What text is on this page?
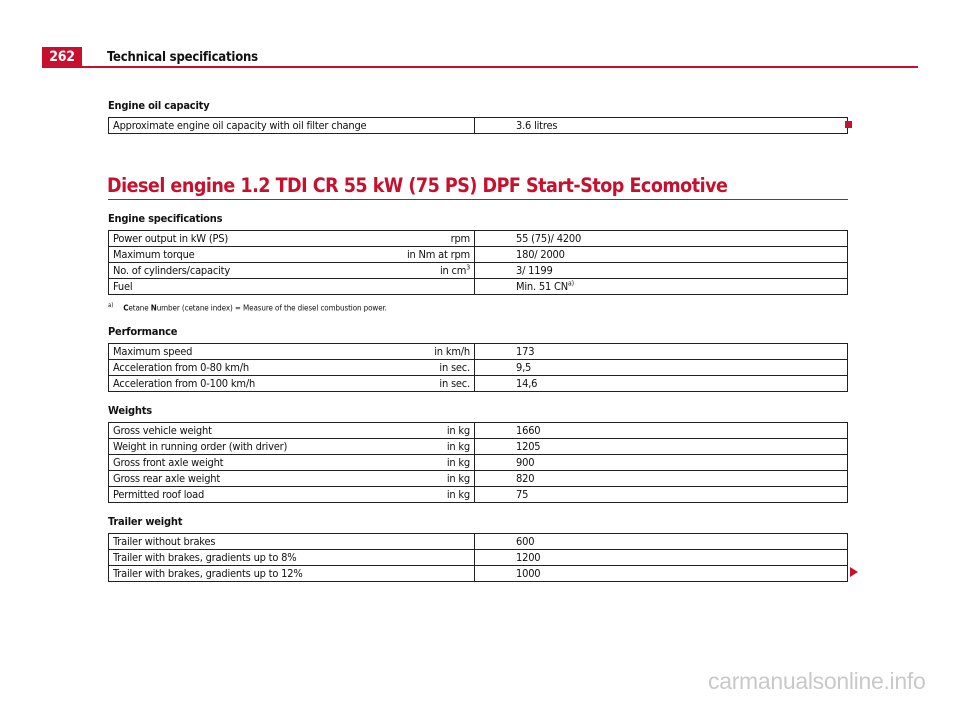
262	Technical specifications
Engine oil capacity
Approximate engine oil capacity with oil filter change	3.6 litres
Diesel engine 1.2 TDI CR 55 kW (75 PS) DPF Start-Stop Ecomotive
Engine specifications
Power output in kW (PS) rpm	55 (75)/ 4200

Maximum torque in Nm at rpm	180/ 2000

No. of cylinders/capacity in $cm^3$	3/ 1199

Fuel	Min. 51 CN$^{a)}$
$^{a)}$ Cetane Number (cetane index) = Measure of the diesel combustion power.
Performance
Maximum speed in km/h	173

Acceleration from 0-80 km/h in sec.	9,5

Acceleration from 0-100 km/h in sec.	14,6
Weights
Gross vehicle weight in kg	1660

Weight in running order (with driver) in kg	1205

Gross front axle weight in kg	900

Gross rear axle weight in kg	820

Permitted roof load in kg	75
Trailer weight
Trailer without brakes	600

Trailer with brakes, gradients up to 8%	1200

Trailer with brakes, gradients up to 12%	1000
carmanualsonline.info
